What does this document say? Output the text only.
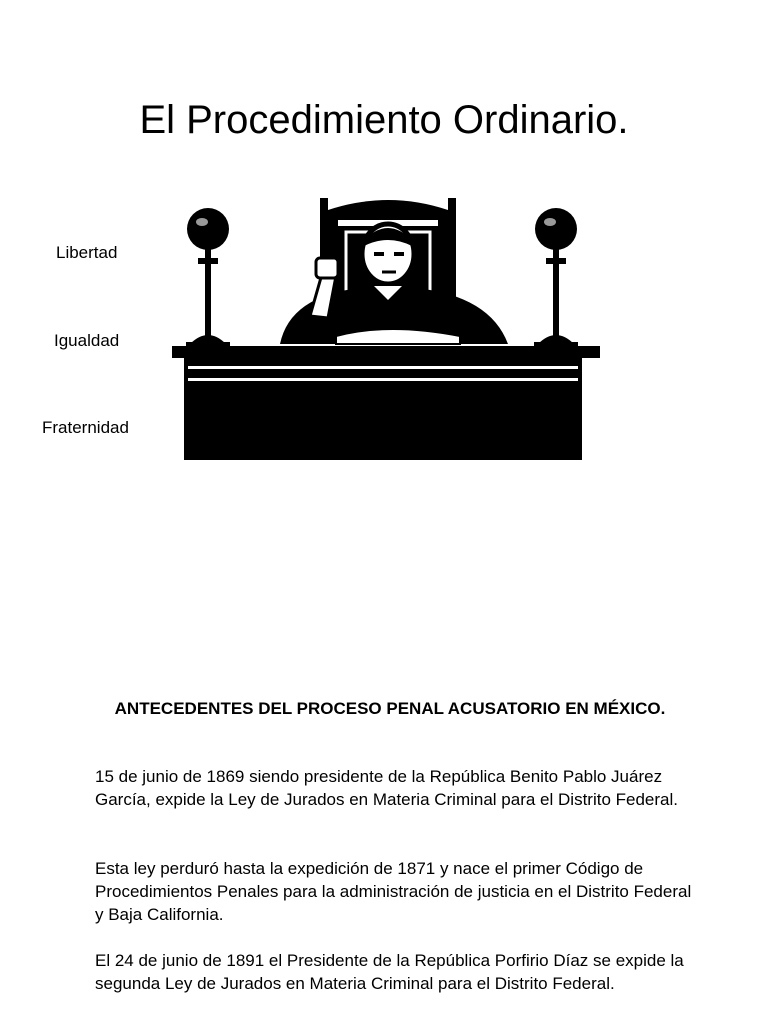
El Procedimiento Ordinario.
Libertad
Igualdad
Fraternidad
ANTECEDENTES DEL PROCESO PENAL ACUSATORIO EN MÉXICO.

15 de junio de 1869 siendo presidente de la República Benito Pablo Juárez García, expide la Ley de Jurados en Materia Criminal para el Distrito Federal.

Esta ley perduró hasta la expedición de 1871 y nace el primer Código de Procedimientos Penales para la administración de justicia en el Distrito Federal y Baja California.

El 24 de junio de 1891 el Presidente de la República Porfirio Díaz se expide la segunda Ley de Jurados en Materia Criminal para el Distrito Federal.
